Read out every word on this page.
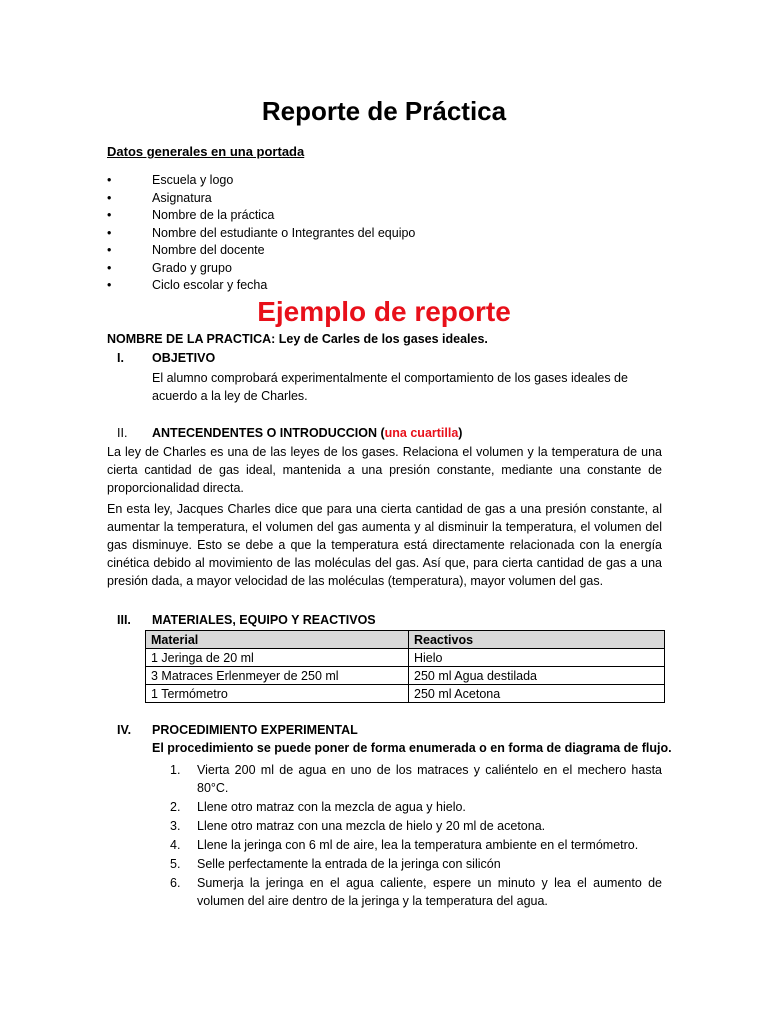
Reporte de Práctica
Datos generales en una portada
•	Escuela y logo
•	Asignatura
•	Nombre de la práctica
•	Nombre del estudiante o Integrantes del equipo
•	Nombre del docente
•	Grado y grupo
•	Ciclo escolar y fecha
Ejemplo de reporte
NOMBRE DE LA PRACTICA: Ley de Carles de los gases ideales.
I. OBJETIVO
El alumno comprobará experimentalmente el comportamiento de los gases ideales de acuerdo a la ley de Charles.
II. ANTECENDENTES O INTRODUCCION (una cuartilla)
La ley de Charles es una de las leyes de los gases. Relaciona el volumen y la temperatura de una cierta cantidad de gas ideal, mantenida a una presión constante, mediante una constante de proporcionalidad directa.
En esta ley, Jacques Charles dice que para una cierta cantidad de gas a una presión constante, al aumentar la temperatura, el volumen del gas aumenta y al disminuir la temperatura, el volumen del gas disminuye. Esto se debe a que la temperatura está directamente relacionada con la energía cinética debido al movimiento de las moléculas del gas. Así que, para cierta cantidad de gas a una presión dada, a mayor velocidad de las moléculas (temperatura), mayor volumen del gas.
III. MATERIALES, EQUIPO Y REACTIVOS
Material	Reactivos
1 Jeringa de 20 ml	Hielo
3 Matraces Erlenmeyer de 250 ml	250 ml Agua destilada
1 Termómetro	250 ml Acetona
IV. PROCEDIMIENTO EXPERIMENTAL
El procedimiento se puede poner de forma enumerada o en forma de diagrama de flujo.
1.	Vierta 200 ml de agua en uno de los matraces y caliéntelo en el mechero hasta 80°C.
2.	Llene otro matraz con la mezcla de agua y hielo.
3.	Llene otro matraz con una mezcla de hielo y 20 ml de acetona.
4.	Llene la jeringa con 6 ml de aire, lea la temperatura ambiente en el termómetro.
5.	Selle perfectamente la entrada de la jeringa con silicón
6.	Sumerja la jeringa en el agua caliente, espere un minuto y lea el aumento de volumen del aire dentro de la jeringa y la temperatura del agua.
